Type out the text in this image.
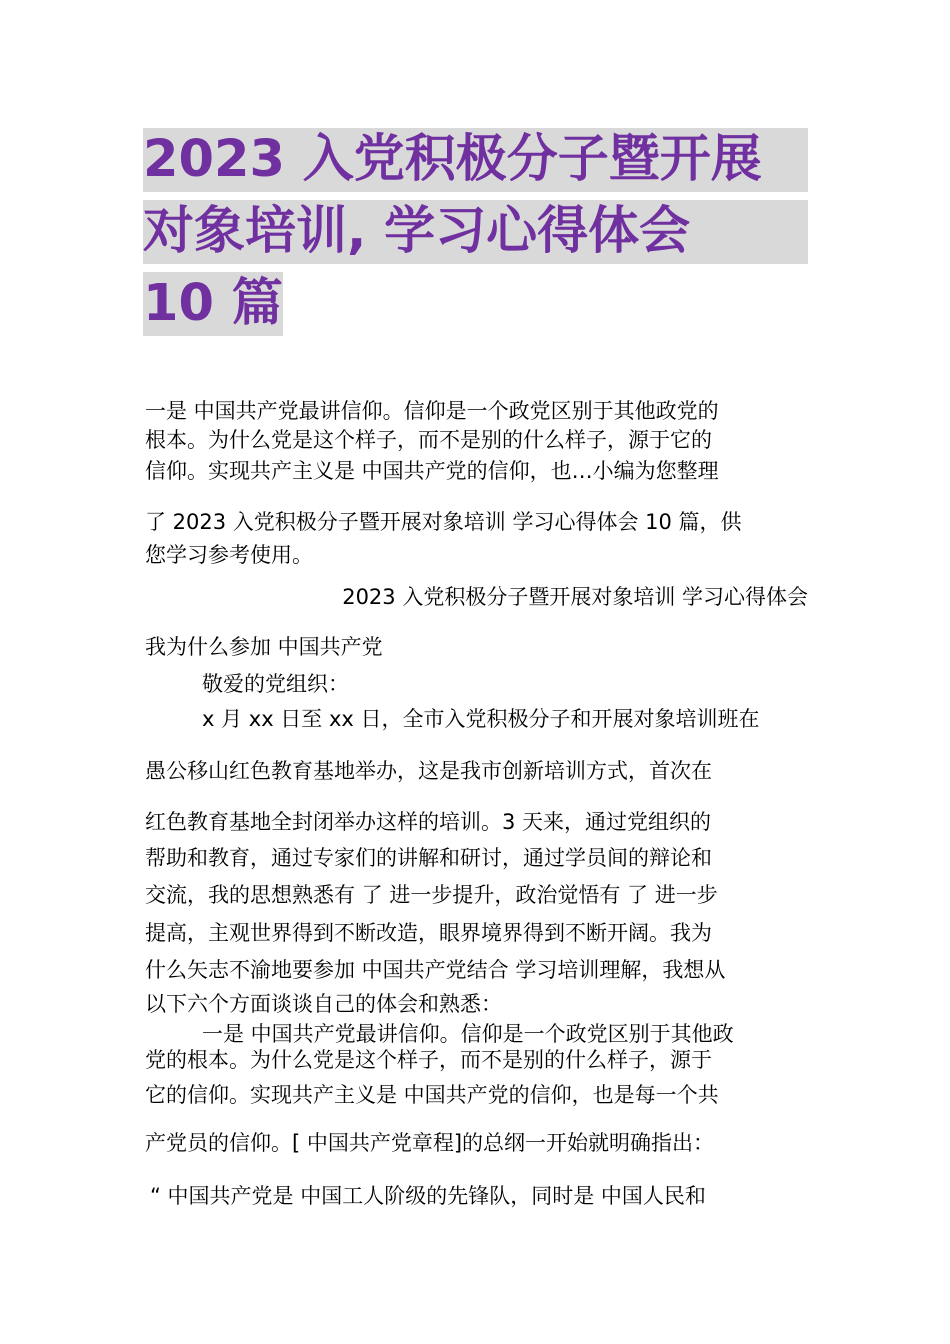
2023 入党积极分子暨开展
对象培训, 学习心得体会
10 篇
一是 中国共产党最讲信仰。信仰是一个政党区别于其他政党的
根本。为什么党是这个样子，而不是别的什么样子，源于它的
信仰。实现共产主义是 中国共产党的信仰，也…小编为您整理
了 2023 入党积极分子暨开展对象培训 学习心得体会 10 篇，供
您学习参考使用。
2023 入党积极分子暨开展对象培训 学习心得体会
我为什么参加 中国共产党
敬爱的党组织：
x 月 xx 日至 xx 日，全市入党积极分子和开展对象培训班在
愚公移山红色教育基地举办，这是我市创新培训方式，首次在
红色教育基地全封闭举办这样的培训。3 天来，通过党组织的
帮助和教育，通过专家们的讲解和研讨，通过学员间的辩论和
交流，我的思想熟悉有 了 进一步提升，政治觉悟有 了 进一步
提高，主观世界得到不断改造，眼界境界得到不断开阔。我为
什么矢志不渝地要参加 中国共产党结合 学习培训理解，我想从
以下六个方面谈谈自己的体会和熟悉：
一是 中国共产党最讲信仰。信仰是一个政党区别于其他政
党的根本。为什么党是这个样子，而不是别的什么样子，源于
它的信仰。实现共产主义是 中国共产党的信仰，也是每一个共
产党员的信仰。[ 中国共产党章程]的总纲一开始就明确指出：
“ 中国共产党是 中国工人阶级的先锋队，同时是 中国人民和
